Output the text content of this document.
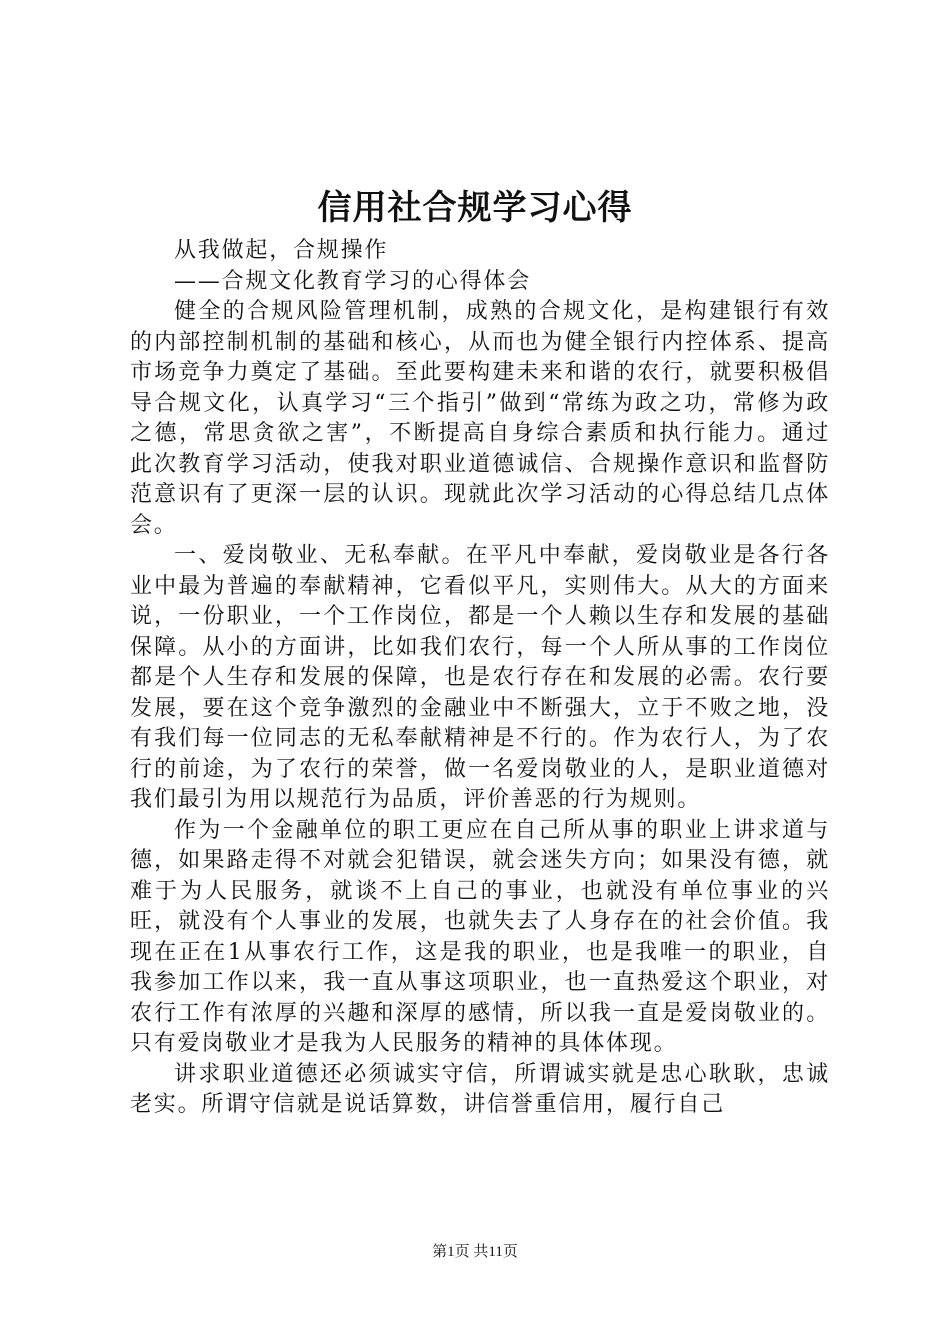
信用社合规学习心得

从我做起，合规操作

——合规文化教育学习的心得体会

健全的合规风险管理机制，成熟的合规文化，是构建银行有效的内部控制机制的基础和核心，从而也为健全银行内控体系、提高市场竞争力奠定了基础。至此要构建未来和谐的农行，就要积极倡导合规文化，认真学习“三个指引”做到“常练为政之功，常修为政之德，常思贪欲之害”，不断提高自身综合素质和执行能力。通过此次教育学习活动，使我对职业道德诚信、合规操作意识和监督防范意识有了更深一层的认识。现就此次学习活动的心得总结几点体会。

一、爱岗敬业、无私奉献。在平凡中奉献，爱岗敬业是各行各业中最为普遍的奉献精神，它看似平凡，实则伟大。从大的方面来说，一份职业，一个工作岗位，都是一个人赖以生存和发展的基础保障。从小的方面讲，比如我们农行，每一个人所从事的工作岗位都是个人生存和发展的保障，也是农行存在和发展的必需。农行要发展，要在这个竞争激烈的金融业中不断强大，立于不败之地，没有我们每一位同志的无私奉献精神是不行的。作为农行人，为了农行的前途，为了农行的荣誉，做一名爱岗敬业的人，是职业道德对我们最引为用以规范行为品质，评价善恶的行为规则。

作为一个金融单位的职工更应在自己所从事的职业上讲求道与德，如果路走得不对就会犯错误，就会迷失方向；如果没有德，就难于为人民服务，就谈不上自己的事业，也就没有单位事业的兴旺，就没有个人事业的发展，也就失去了人身存在的社会价值。我现在正在1从事农行工作，这是我的职业，也是我唯一的职业，自我参加工作以来，我一直从事这项职业，也一直热爱这个职业，对农行工作有浓厚的兴趣和深厚的感情，所以我一直是爱岗敬业的。只有爱岗敬业才是我为人民服务的精神的具体体现。

讲求职业道德还必须诚实守信，所谓诚实就是忠心耿耿，忠诚老实。所谓守信就是说话算数，讲信誉重信用，履行自己

第1页 共11页
